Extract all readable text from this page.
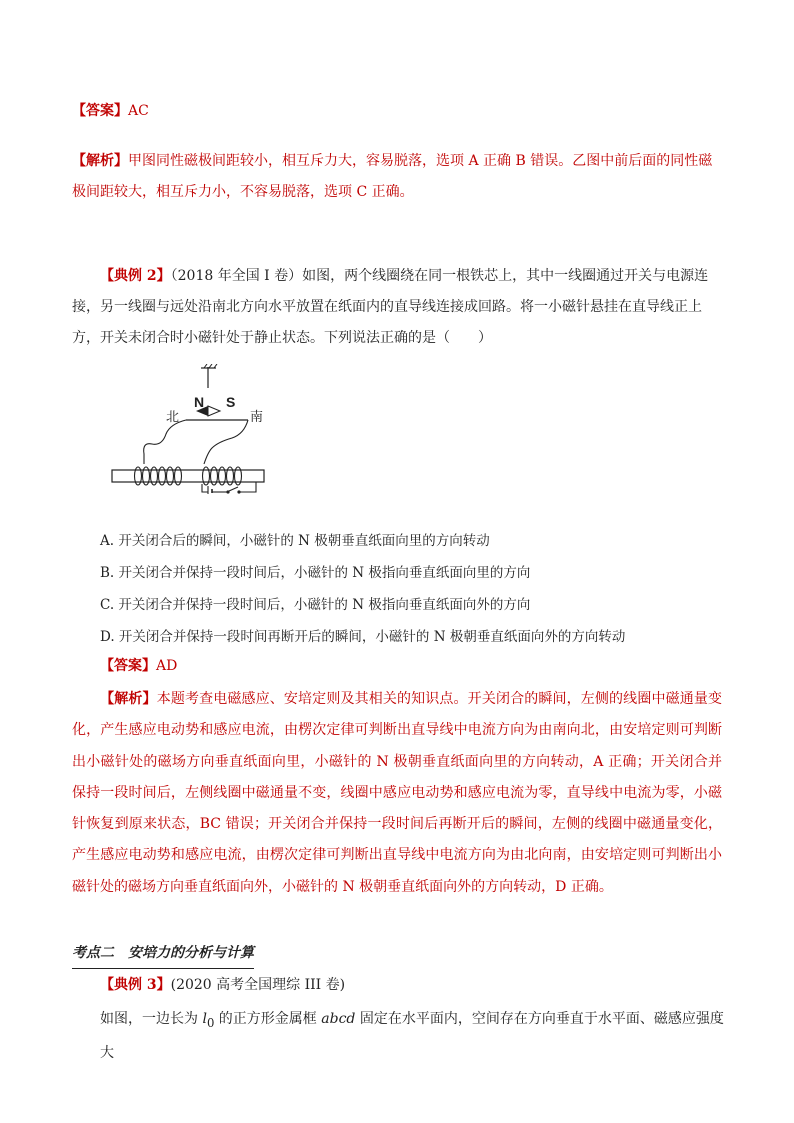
【答案】AC
【解析】甲图同性磁极间距较小，相互斥力大，容易脱落，选项 A 正确 B 错误。乙图中前后面的同性磁极间距较大，相互斥力小，不容易脱落，选项 C 正确。
【典例 2】（2018 年全国 I 卷）如图，两个线圈绕在同一根铁芯上，其中一线圈通过开关与电源连接，另一线圈与远处沿南北方向水平放置在纸面内的直导线连接成回路。将一小磁针悬挂在直导线正上方，开关未闭合时小磁针处于静止状态。下列说法正确的是（　　）
N S
北	南
A. 开关闭合后的瞬间，小磁针的 N 极朝垂直纸面向里的方向转动
B. 开关闭合并保持一段时间后，小磁针的 N 极指向垂直纸面向里的方向
C. 开关闭合并保持一段时间后，小磁针的 N 极指向垂直纸面向外的方向
D. 开关闭合并保持一段时间再断开后的瞬间，小磁针的 N 极朝垂直纸面向外的方向转动
【答案】AD
【解析】本题考查电磁感应、安培定则及其相关的知识点。开关闭合的瞬间，左侧的线圈中磁通量变化，产生感应电动势和感应电流，由楞次定律可判断出直导线中电流方向为由南向北，由安培定则可判断出小磁针处的磁场方向垂直纸面向里，小磁针的 N 极朝垂直纸面向里的方向转动，A 正确；开关闭合并保持一段时间后，左侧线圈中磁通量不变，线圈中感应电动势和感应电流为零，直导线中电流为零，小磁针恢复到原来状态，BC 错误；开关闭合并保持一段时间后再断开后的瞬间，左侧的线圈中磁通量变化，产生感应电动势和感应电流，由楞次定律可判断出直导线中电流方向为由北向南，由安培定则可判断出小磁针处的磁场方向垂直纸面向外，小磁针的 N 极朝垂直纸面向外的方向转动，D 正确。
考点二　安培力的分析与计算
【典例 3】(2020 高考全国理综 III 卷)
如图，一边长为 $l_0$ 的正方形金属框 abcd 固定在水平面内，空间存在方向垂直于水平面、磁感应强度大
